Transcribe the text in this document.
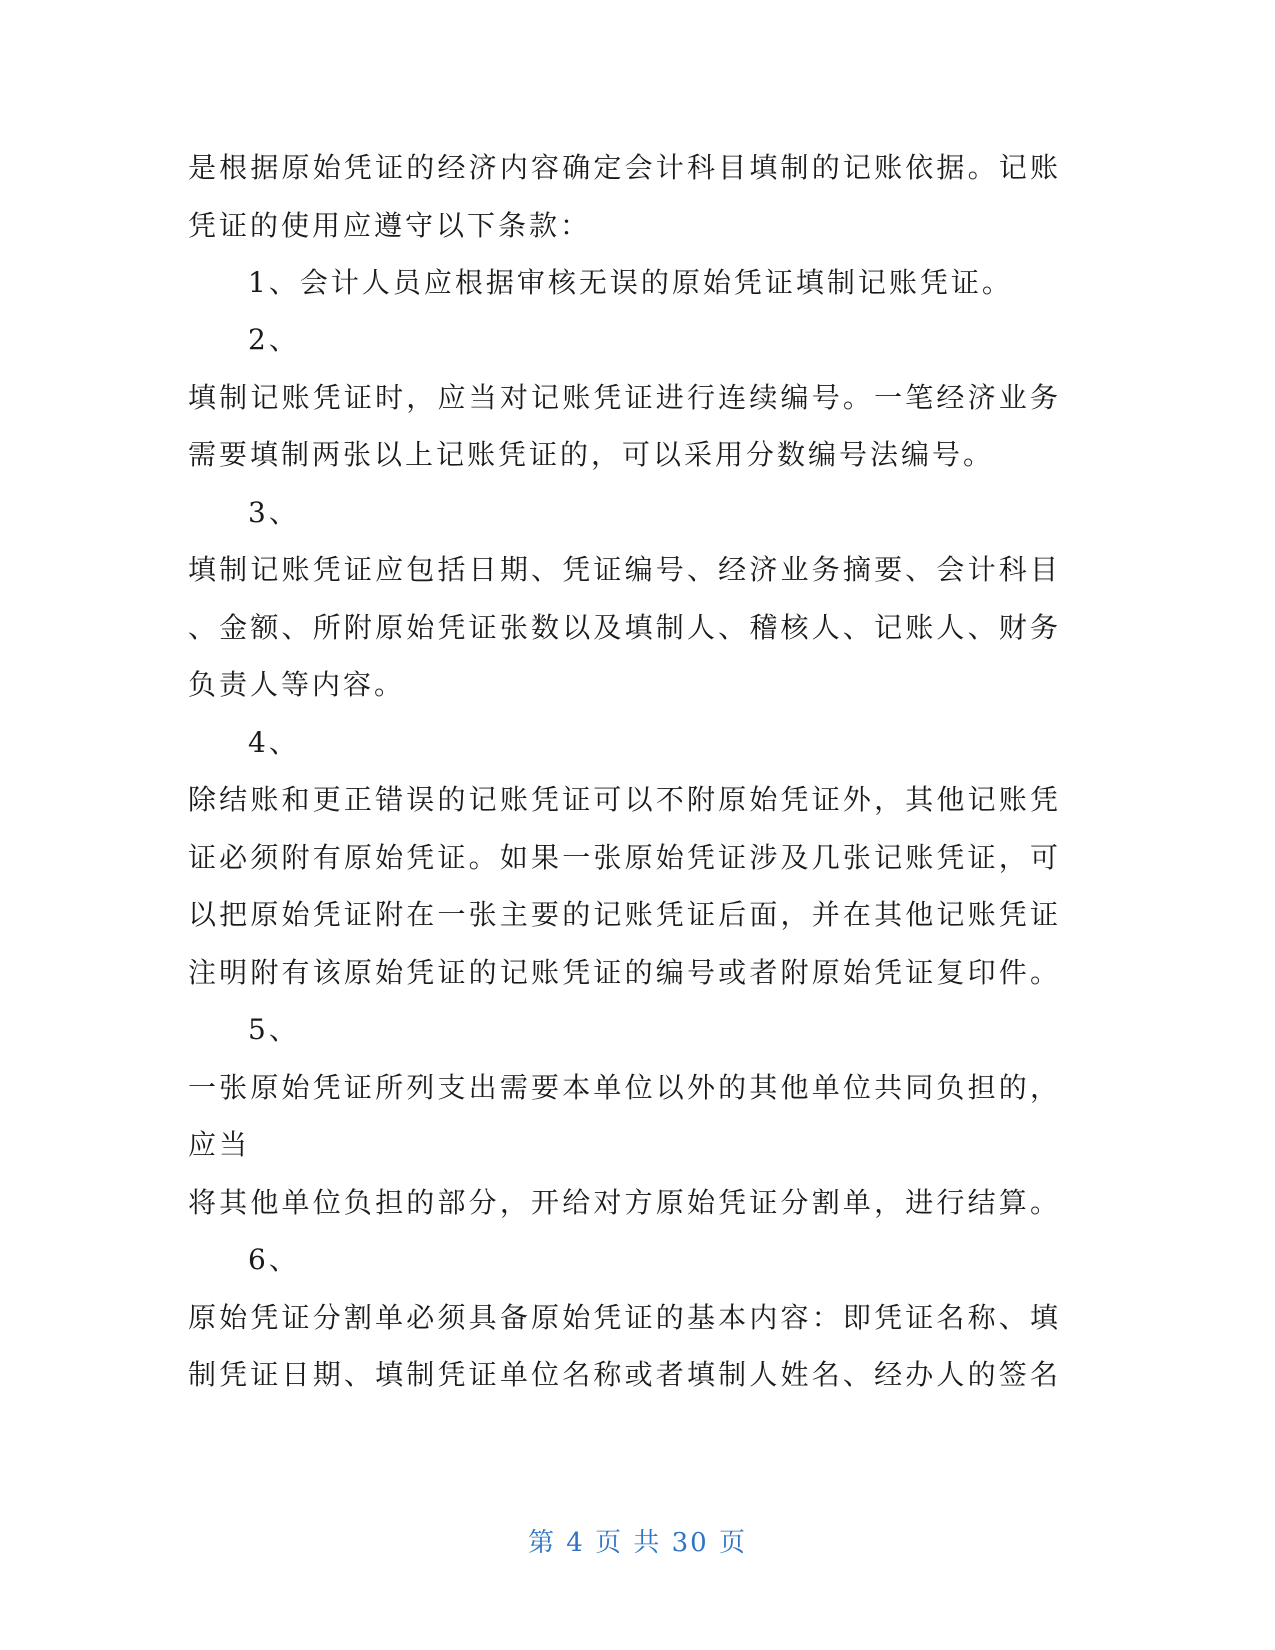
是根据原始凭证的经济内容确定会计科目填制的记账依据。记账
凭证的使用应遵守以下条款：
1、会计人员应根据审核无误的原始凭证填制记账凭证。
2、
填制记账凭证时，应当对记账凭证进行连续编号。一笔经济业务
需要填制两张以上记账凭证的，可以采用分数编号法编号。
3、
填制记账凭证应包括日期、凭证编号、经济业务摘要、会计科目
、金额、所附原始凭证张数以及填制人、稽核人、记账人、财务
负责人等内容。
4、
除结账和更正错误的记账凭证可以不附原始凭证外，其他记账凭
证必须附有原始凭证。如果一张原始凭证涉及几张记账凭证，可
以把原始凭证附在一张主要的记账凭证后面，并在其他记账凭证
注明附有该原始凭证的记账凭证的编号或者附原始凭证复印件。
5、
一张原始凭证所列支出需要本单位以外的其他单位共同负担的，
应当
将其他单位负担的部分，开给对方原始凭证分割单，进行结算。
6、
原始凭证分割单必须具备原始凭证的基本内容：即凭证名称、填
制凭证日期、填制凭证单位名称或者填制人姓名、经办人的签名
第 4 页 共 30 页
